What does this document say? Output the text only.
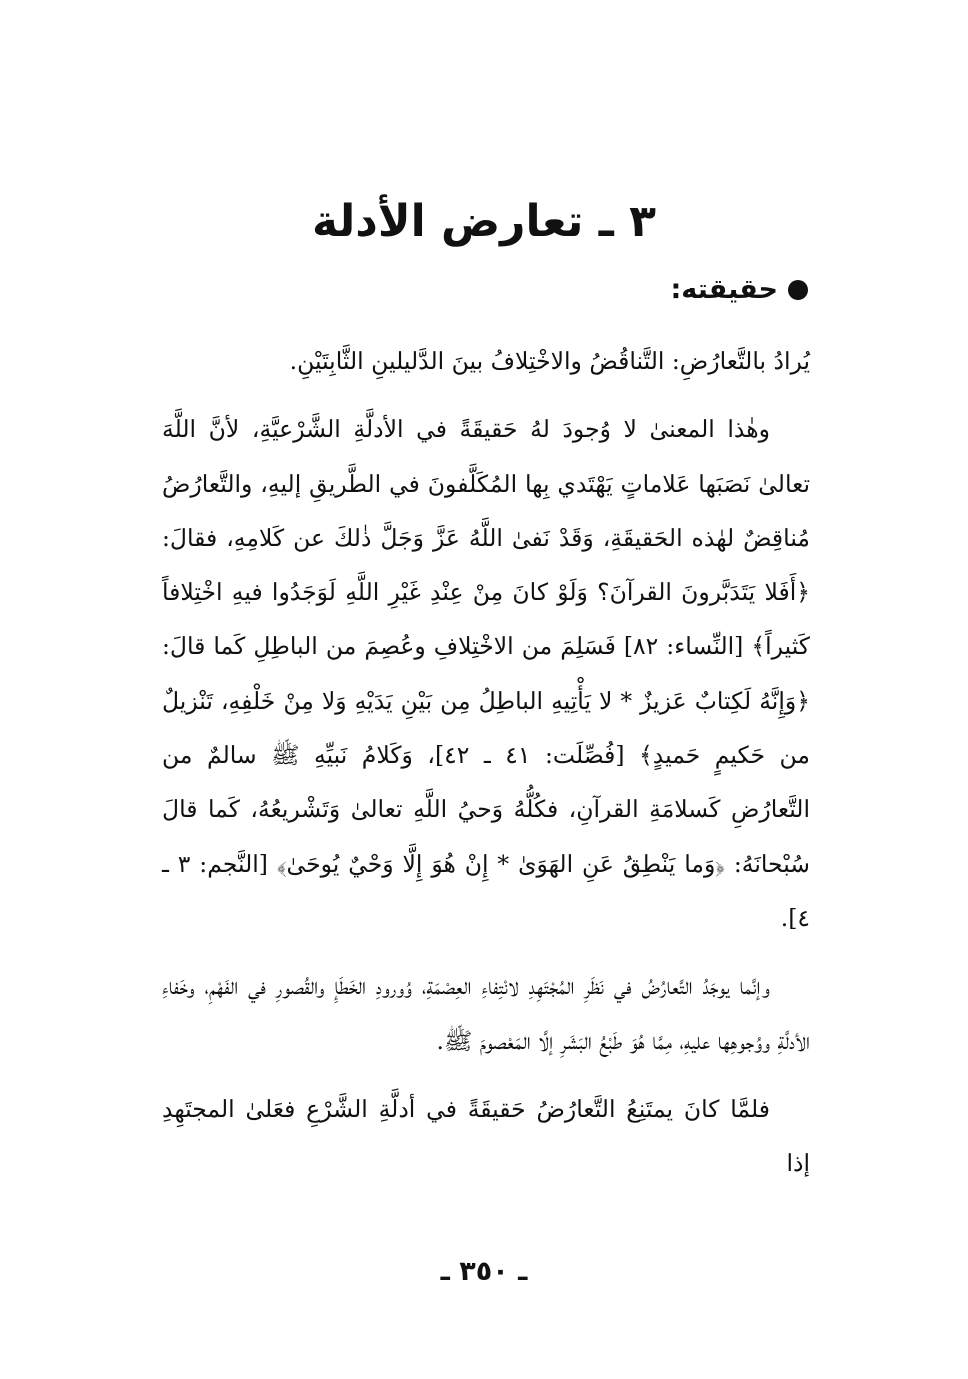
٣ ـ تعارض الأدلة
حقيقته:

يُرادُ بالتَّعارُضِ: التَّناقُضُ والاخْتِلافُ بينَ الدَّليلينِ الثَّابِتَيْنِ.

وهٰذا المعنىٰ لا وُجودَ لهُ حَقيقَةً في الأدلَّةِ الشَّرْعيَّةِ، لأنَّ اللَّهَ تعالىٰ نَصَبَها عَلاماتٍ يَهْتَدي بِها المُكَلَّفونَ في الطَّريقِ إليهِ، والتَّعارُضُ مُناقِضٌ لهٰذه الحَقيقَةِ، وَقَدْ نَفىٰ اللَّهُ عَزَّ وَجَلَّ ذٰلكَ عن كَلامِهِ، فقالَ: ﴿أَفَلا يَتَدَبَّرونَ القرآنَ؟ وَلَوْ كانَ مِنْ عِنْدِ غَيْرِ اللَّهِ لَوَجَدُوا فيهِ اخْتِلافاً كَثيراً﴾ [النِّساء: ٨٢] فَسَلِمَ من الاخْتِلافِ وعُصِمَ من الباطِلِ كَما قالَ: ﴿وَإِنَّهُ لَكِتابٌ عَزيزٌ * لا يَأْتِيهِ الباطِلُ مِن بَيْنِ يَدَيْهِ وَلا مِنْ خَلْفِهِ، تَنْزيلٌ من حَكيمٍ حَميدٍ﴾ [فُصِّلَت: ٤١ ـ ٤٢]، وَكَلامُ نَبيِّهِ ﷺ سالمٌ من التَّعارُضِ كَسلامَةِ القرآنِ، فكُلُّهُ وَحيُ اللَّهِ تعالىٰ وَتَشْريعُهُ، كَما قالَ سُبْحانَهُ: ﴿وَما يَنْطِقُ عَنِ الهَوَىٰ * إِنْ هُوَ إِلَّا وَحْيٌ يُوحَىٰ﴾ [النَّجم: ٣ ـ ٤].

وإنَّما يوجَدُ التَّعارُضُ في نَظَرِ المُجْتَهِدِ لانْتِفاءِ العِصْمَةِ، وُورودِ الخَطَإِ والقُصورِ في الفَهْمِ، وخَفاءِ الأدلَّةِ ووُجوهِها عليهِ، مِمَّا هُوَ طَبْعُ البَشَرِ إلَّا المَعْصومَ ﷺ.

فلمَّا كانَ يمتَنِعُ التَّعارُضُ حَقيقَةً في أدلَّةِ الشَّرْعِ فعَلىٰ المجتَهِدِ إذا

ـ ٣٥٠ ـ
